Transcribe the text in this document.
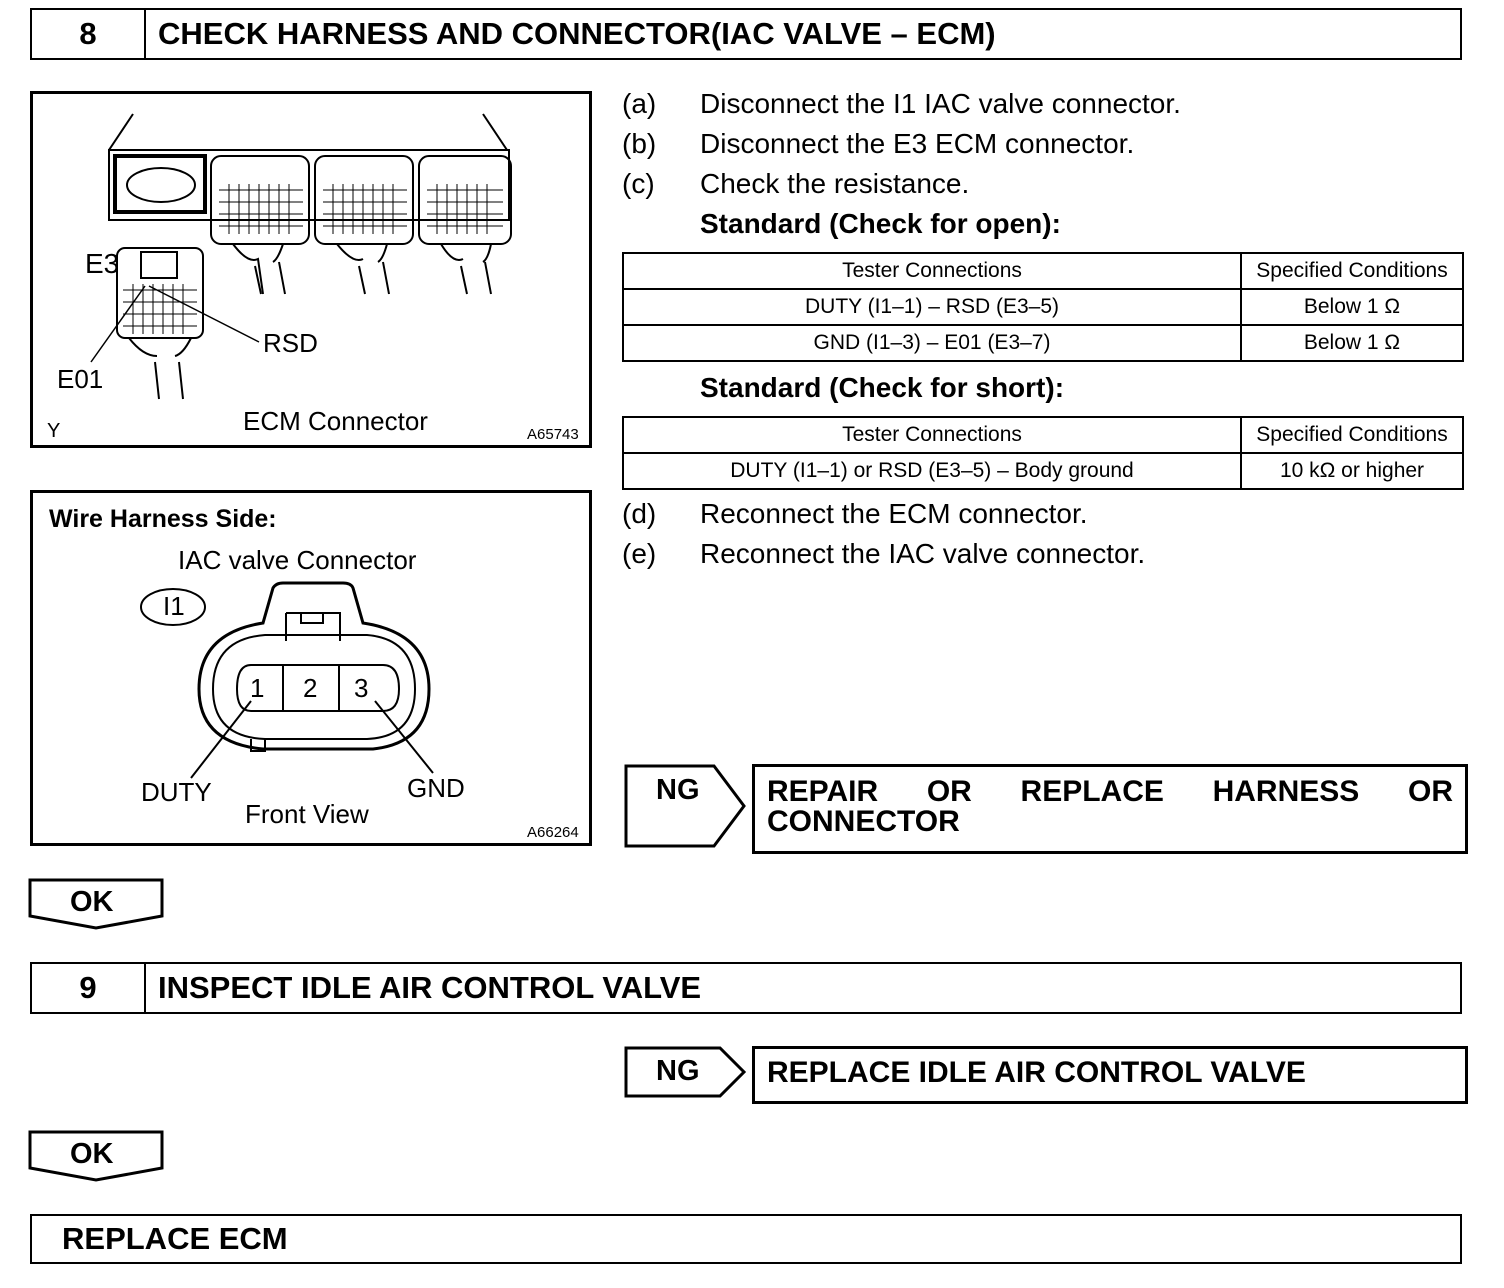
8	CHECK HARNESS AND CONNECTOR(IAC VALVE – ECM)
E3
RSD
E01
ECM Connector
Y	A65743
Wire Harness Side:
IAC valve Connector
I1
1 2 3
DUTY	GND
Front View
A66264
(a) Disconnect the I1 IAC valve connector.
(b) Disconnect the E3 ECM connector.
(c) Check the resistance.
Standard (Check for open):
Tester Connections	Specified Conditions
DUTY (I1–1) – RSD (E3–5)	Below 1 Ω
GND (I1–3) – E01 (E3–7)	Below 1 Ω
Standard (Check for short):
Tester Connections	Specified Conditions
DUTY (I1–1) or RSD (E3–5) – Body ground	10 kΩ or higher
(d) Reconnect the ECM connector.
(e) Reconnect the IAC valve connector.
NG REPAIR OR REPLACE HARNESS OR
CONNECTOR
OK
9	INSPECT IDLE AIR CONTROL VALVE
NG REPLACE IDLE AIR CONTROL VALVE
OK
REPLACE ECM
